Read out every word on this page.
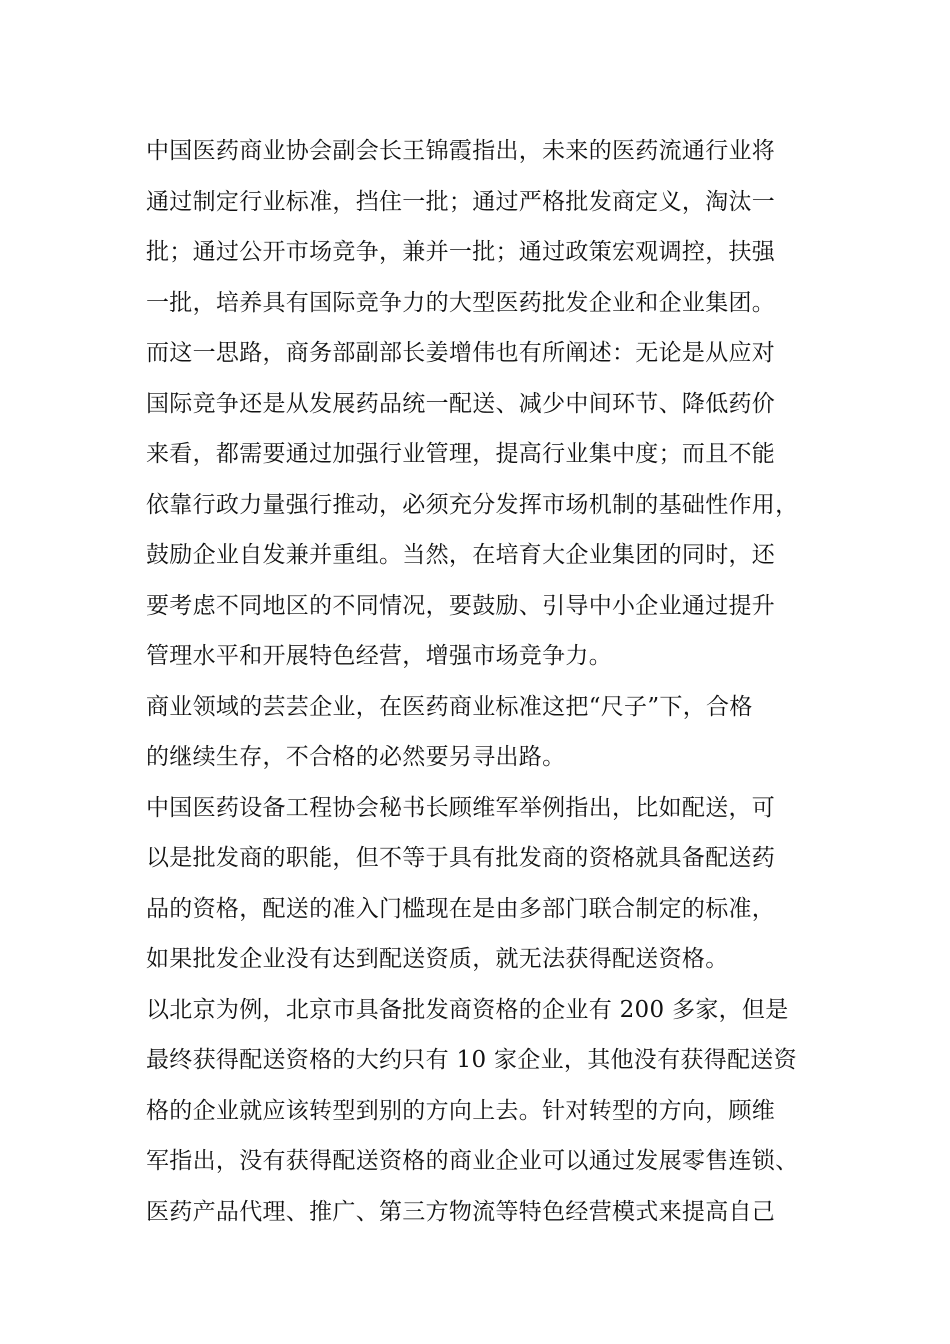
中国医药商业协会副会长王锦霞指出，未来的医药流通行业将
通过制定行业标准，挡住一批；通过严格批发商定义，淘汰一
批；通过公开市场竞争，兼并一批；通过政策宏观调控，扶强
一批，培养具有国际竞争力的大型医药批发企业和企业集团。
而这一思路，商务部副部长姜增伟也有所阐述：无论是从应对
国际竞争还是从发展药品统一配送、减少中间环节、降低药价
来看，都需要通过加强行业管理，提高行业集中度；而且不能
依靠行政力量强行推动，必须充分发挥市场机制的基础性作用，
鼓励企业自发兼并重组。当然，在培育大企业集团的同时，还
要考虑不同地区的不同情况，要鼓励、引导中小企业通过提升
管理水平和开展特色经营，增强市场竞争力。
商业领域的芸芸企业，在医药商业标准这把“尺子”下，合格
的继续生存，不合格的必然要另寻出路。
中国医药设备工程协会秘书长顾维军举例指出，比如配送，可
以是批发商的职能，但不等于具有批发商的资格就具备配送药
品的资格，配送的准入门槛现在是由多部门联合制定的标准，
如果批发企业没有达到配送资质，就无法获得配送资格。
以北京为例，北京市具备批发商资格的企业有 200 多家，但是
最终获得配送资格的大约只有 10 家企业，其他没有获得配送资
格的企业就应该转型到别的方向上去。针对转型的方向，顾维
军指出，没有获得配送资格的商业企业可以通过发展零售连锁、
医药产品代理、推广、第三方物流等特色经营模式来提高自己
